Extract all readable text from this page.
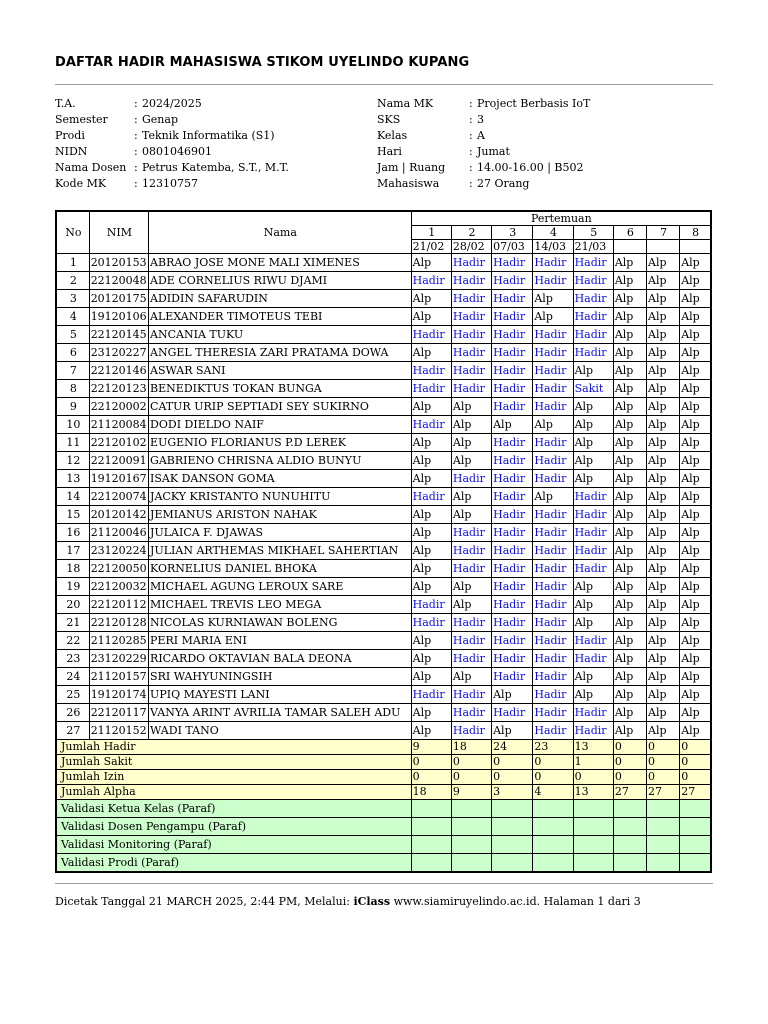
DAFTAR HADIR MAHASISWA STIKOM UYELINDO KUPANG
T.A.	: 2024/2025
Semester	: Genap
Prodi	: Teknik Informatika (S1)
NIDN	: 0801046901
Nama Dosen : Petrus Katemba, S.T., M.T.
Kode MK	: 12310757
Nama MK	: Project Berbasis IoT
SKS	: 3
Kelas	: A
Hari	: Jumat
Jam | Ruang	: 14.00-16.00 | B502
Mahasiswa	: 27 Orang
No	NIM	Nama	Pertemuan							
			1	2	3	4	5	6	7	8
			21/02	28/02	07/03	14/03	21/03			
1	20120153	ABRAO JOSE MONE MALI XIMENES	Alp	Hadir	Hadir	Hadir	Hadir	Alp	Alp	Alp
2	22120048	ADE CORNELIUS RIWU DJAMI	Hadir	Hadir	Hadir	Hadir	Hadir	Alp	Alp	Alp
3	20120175	ADIDIN SAFARUDIN	Alp	Hadir	Hadir	Alp	Hadir	Alp	Alp	Alp
4	19120106	ALEXANDER TIMOTEUS TEBI	Alp	Hadir	Hadir	Alp	Hadir	Alp	Alp	Alp
5	22120145	ANCANIA TUKU	Hadir	Hadir	Hadir	Hadir	Hadir	Alp	Alp	Alp
6	23120227	ANGEL THERESIA ZARI PRATAMA DOWA	Alp	Hadir	Hadir	Hadir	Hadir	Alp	Alp	Alp
7	22120146	ASWAR SANI	Hadir	Hadir	Hadir	Hadir	Alp	Alp	Alp	Alp
8	22120123	BENEDIKTUS TOKAN BUNGA	Hadir	Hadir	Hadir	Hadir	Sakit	Alp	Alp	Alp
9	22120002	CATUR URIP SEPTIADI SEY SUKIRNO	Alp	Alp	Hadir	Hadir	Alp	Alp	Alp	Alp
10	21120084	DODI DIELDO NAIF	Hadir	Alp	Alp	Alp	Alp	Alp	Alp	Alp
11	22120102	EUGENIO FLORIANUS P.D LEREK	Alp	Alp	Hadir	Hadir	Alp	Alp	Alp	Alp
12	22120091	GABRIENO CHRISNA ALDIO BUNYU	Alp	Alp	Hadir	Hadir	Alp	Alp	Alp	Alp
13	19120167	ISAK DANSON GOMA	Alp	Hadir	Hadir	Hadir	Alp	Alp	Alp	Alp
14	22120074	JACKY KRISTANTO NUNUHITU	Hadir	Alp	Hadir	Alp	Hadir	Alp	Alp	Alp
15	20120142	JEMIANUS ARISTON NAHAK	Alp	Alp	Hadir	Hadir	Hadir	Alp	Alp	Alp
16	21120046	JULAICA F. DJAWAS	Alp	Hadir	Hadir	Hadir	Hadir	Alp	Alp	Alp
17	23120224	JULIAN ARTHEMAS MIKHAEL SAHERTIAN	Alp	Hadir	Hadir	Hadir	Hadir	Alp	Alp	Alp
18	22120050	KORNELIUS DANIEL BHOKA	Alp	Hadir	Hadir	Hadir	Hadir	Alp	Alp	Alp
19	22120032	MICHAEL AGUNG LEROUX SARE	Alp	Alp	Hadir	Hadir	Alp	Alp	Alp	Alp
20	22120112	MICHAEL TREVIS LEO MEGA	Hadir	Alp	Hadir	Hadir	Alp	Alp	Alp	Alp
21	22120128	NICOLAS KURNIAWAN BOLENG	Hadir	Hadir	Hadir	Hadir	Alp	Alp	Alp	Alp
22	21120285	PERI MARIA ENI	Alp	Hadir	Hadir	Hadir	Hadir	Alp	Alp	Alp
23	23120229	RICARDO OKTAVIAN BALA DEONA	Alp	Hadir	Hadir	Hadir	Hadir	Alp	Alp	Alp
24	21120157	SRI WAHYUNINGSIH	Alp	Alp	Hadir	Hadir	Alp	Alp	Alp	Alp
25	19120174	UPIQ MAYESTI LANI	Hadir	Hadir	Alp	Hadir	Alp	Alp	Alp	Alp
26	22120117	VANYA ARINT AVRILIA TAMAR SALEH ADU	Alp	Hadir	Hadir	Hadir	Hadir	Alp	Alp	Alp
27	21120152	WADI TANO	Alp	Hadir	Alp	Hadir	Hadir	Alp	Alp	Alp
Jumlah Hadir			9	18	24	23	13	0	0	0
Jumlah Sakit			0	0	0	0	1	0	0	0
Jumlah Izin			0	0	0	0	0	0	0	0
Jumlah Alpha			18	9	3	4	13	27	27	27
Validasi Ketua Kelas (Paraf)										
Validasi Dosen Pengampu (Paraf)										
Validasi Monitoring (Paraf)										
Validasi Prodi (Paraf)										
Dicetak Tanggal 21 MARCH 2025, 2:44 PM, Melalui: iClass www.siamiruyelindo.ac.id. Halaman 1 dari 3
